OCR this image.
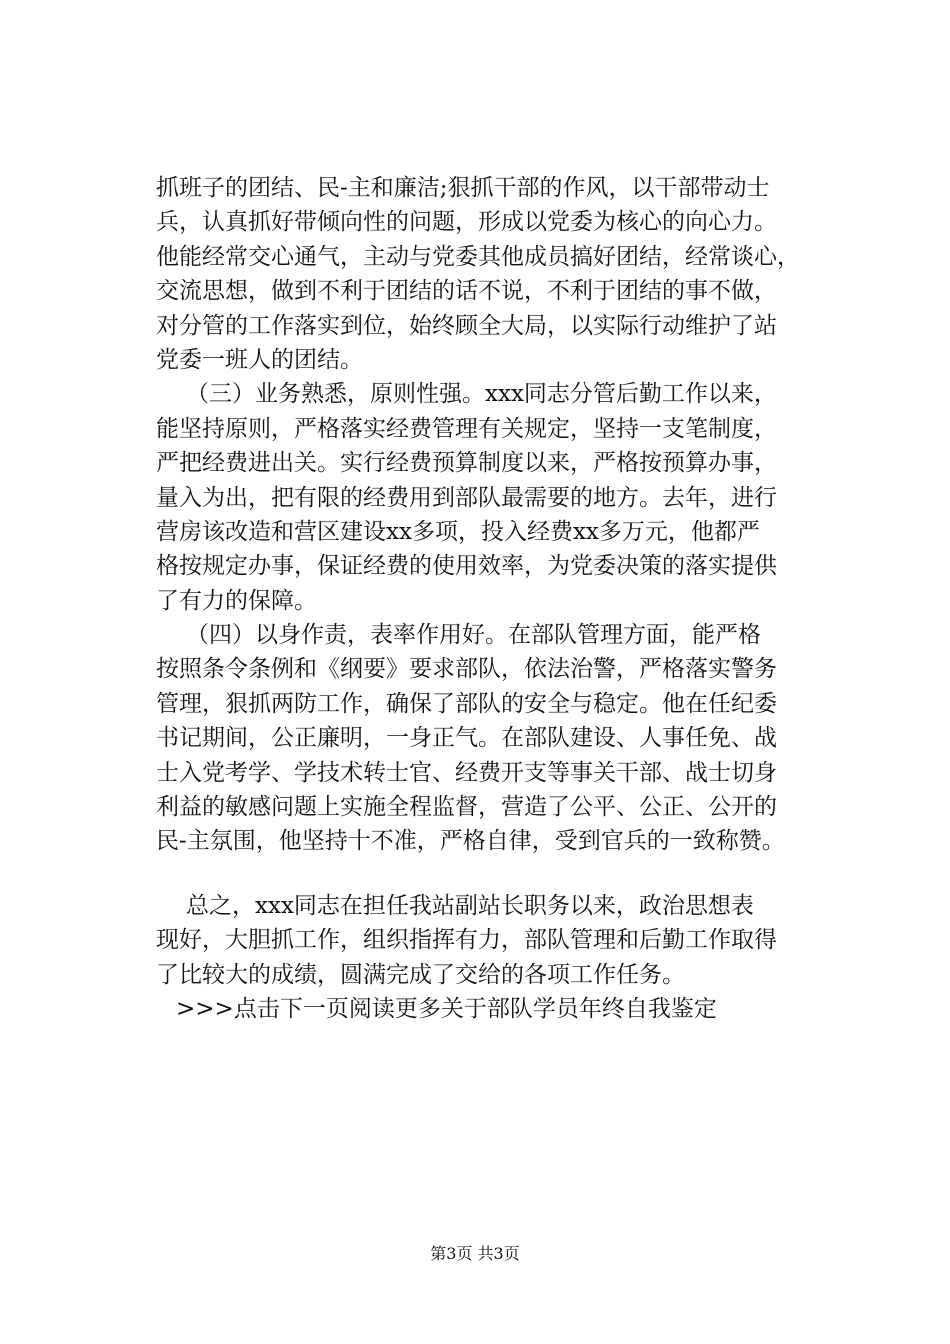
抓班子的团结、民-主和廉洁;狠抓干部的作风，以干部带动士
兵，认真抓好带倾向性的问题，形成以党委为核心的向心力。
他能经常交心通气，主动与党委其他成员搞好团结，经常谈心，
交流思想，做到不利于团结的话不说，不利于团结的事不做，
对分管的工作落实到位，始终顾全大局，以实际行动维护了站
党委一班人的团结。
（三）业务熟悉，原则性强。xxx同志分管后勤工作以来，
能坚持原则，严格落实经费管理有关规定，坚持一支笔制度，
严把经费进出关。实行经费预算制度以来，严格按预算办事，
量入为出，把有限的经费用到部队最需要的地方。去年，进行
营房该改造和营区建设xx多项，投入经费xx多万元，他都严
格按规定办事，保证经费的使用效率，为党委决策的落实提供
了有力的保障。
（四）以身作责，表率作用好。在部队管理方面，能严格
按照条令条例和《纲要》要求部队，依法治警，严格落实警务
管理，狠抓两防工作，确保了部队的安全与稳定。他在任纪委
书记期间，公正廉明，一身正气。在部队建设、人事任免、战
士入党考学、学技术转士官、经费开支等事关干部、战士切身
利益的敏感问题上实施全程监督，营造了公平、公正、公开的
民-主氛围，他坚持十不准，严格自律，受到官兵的一致称赞。
总之，xxx同志在担任我站副站长职务以来，政治思想表
现好，大胆抓工作，组织指挥有力，部队管理和后勤工作取得
了比较大的成绩，圆满完成了交给的各项工作任务。
>>>点击下一页阅读更多关于部队学员年终自我鉴定
第3页 共3页
